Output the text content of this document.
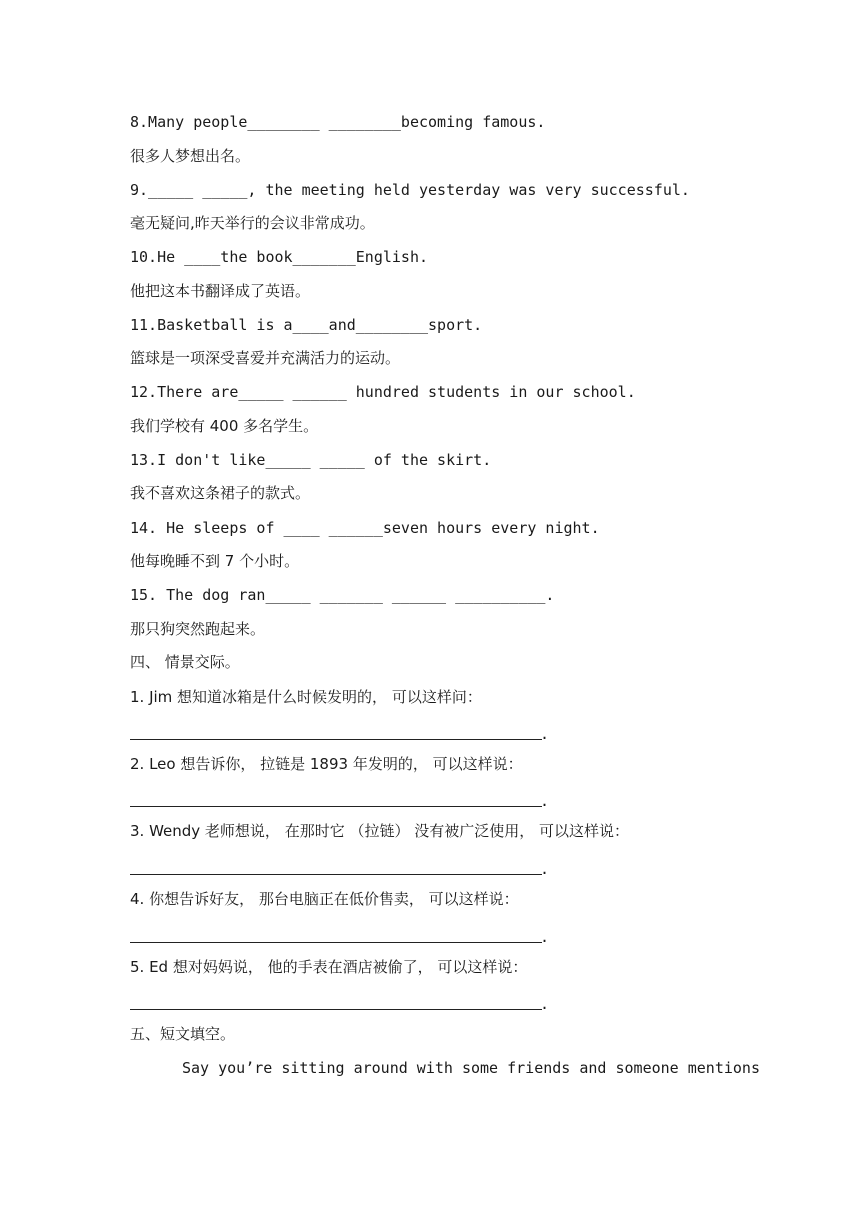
8.Many people________ ________becoming famous.
很多人梦想出名。
9._____ _____, the meeting held yesterday was very successful.
毫无疑问,昨天举行的会议非常成功。
10.He ____the book_______English.
他把这本书翻译成了英语。
11.Basketball is a____and________sport.
篮球是一项深受喜爱并充满活力的运动。
12.There are_____ ______ hundred students in our school.
我们学校有 400 多名学生。
13.I don't like_____ _____ of the skirt.
我不喜欢这条裙子的款式。
14. He sleeps of ____ ______seven hours every night.
他每晚睡不到 7 个小时。
15. The dog ran_____ _______ ______ __________.
那只狗突然跑起来。
四、 情景交际。
1. Jim 想知道冰箱是什么时候发明的， 可以这样问：
.
2. Leo 想告诉你， 拉链是 1893 年发明的， 可以这样说：
.
3. Wendy 老师想说， 在那时它 （拉链） 没有被广泛使用， 可以这样说：
.
4. 你想告诉好友， 那台电脑正在低价售卖， 可以这样说：
.
5. Ed 想对妈妈说， 他的手表在酒店被偷了， 可以这样说：
.
五、短文填空。
Say you’re sitting around with some friends and someone mentions
